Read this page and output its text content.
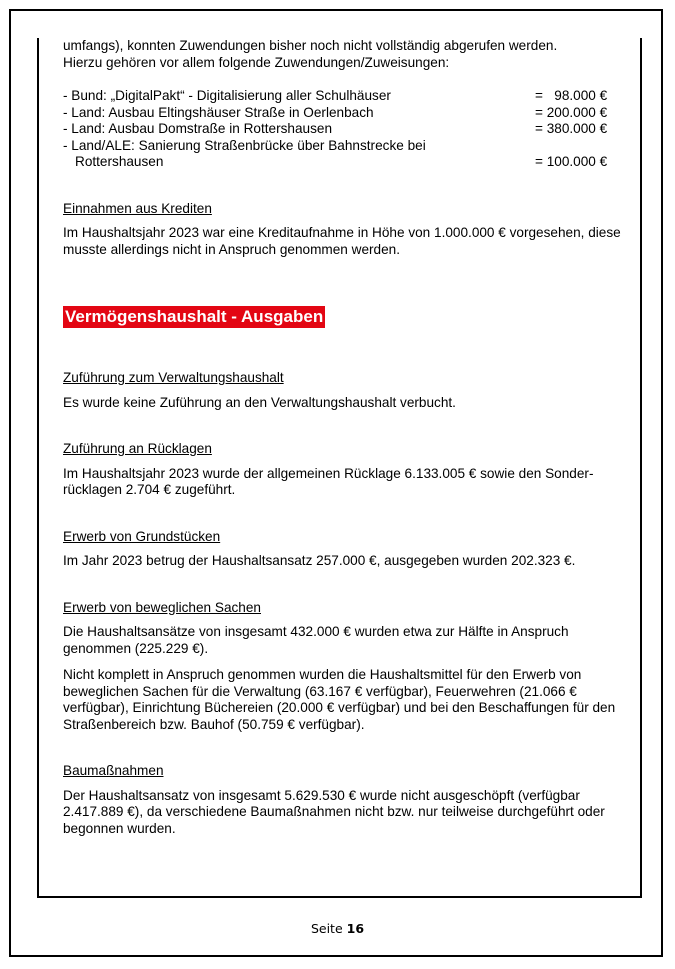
umfangs), konnten Zuwendungen bisher noch nicht vollständig abgerufen werden.

Hierzu gehören vor allem folgende Zuwendungen/Zuweisungen:

- Bund: „DigitalPakt“ - Digitalisierung aller Schulhäuser	=   98.000 €
- Land: Ausbau Eltingshäuser Straße in Oerlenbach	= 200.000 €
- Land: Ausbau Domstraße in Rottershausen	= 380.000 €
- Land/ALE: Sanierung Straßenbrücke über Bahnstrecke bei
Rottershausen	= 100.000 €
Einnahmen aus Krediten

Im Haushaltsjahr 2023 war eine Kreditaufnahme in Höhe von 1.000.000 € vorgesehen, diese musste allerdings nicht in Anspruch genommen werden.

Vermögenshaushalt - Ausgaben
Zuführung zum Verwaltungshaushalt

Es wurde keine Zuführung an den Verwaltungshaushalt verbucht.

Zuführung an Rücklagen

Im Haushaltsjahr 2023 wurde der allgemeinen Rücklage 6.133.005 € sowie den Sonder-

rücklagen 2.704 € zugeführt.

Erwerb von Grundstücken

Im Jahr 2023 betrug der Haushaltsansatz 257.000 €, ausgegeben wurden 202.323 €.

Erwerb von beweglichen Sachen

Die Haushaltsansätze von insgesamt 432.000 € wurden etwa zur Hälfte in Anspruch genommen (225.229 €).

Nicht komplett in Anspruch genommen wurden die Haushaltsmittel für den Erwerb von beweglichen Sachen für die Verwaltung (63.167 € verfügbar), Feuerwehren (21.066 € verfügbar), Einrichtung Büchereien (20.000 € verfügbar) und bei den Beschaffungen für den Straßenbereich bzw. Bauhof (50.759 € verfügbar).

Baumaßnahmen

Der Haushaltsansatz von insgesamt 5.629.530 € wurde nicht ausgeschöpft (verfügbar 2.417.889 €), da verschiedene Baumaßnahmen nicht bzw. nur teilweise durchgeführt oder begonnen wurden.

Seite 16
